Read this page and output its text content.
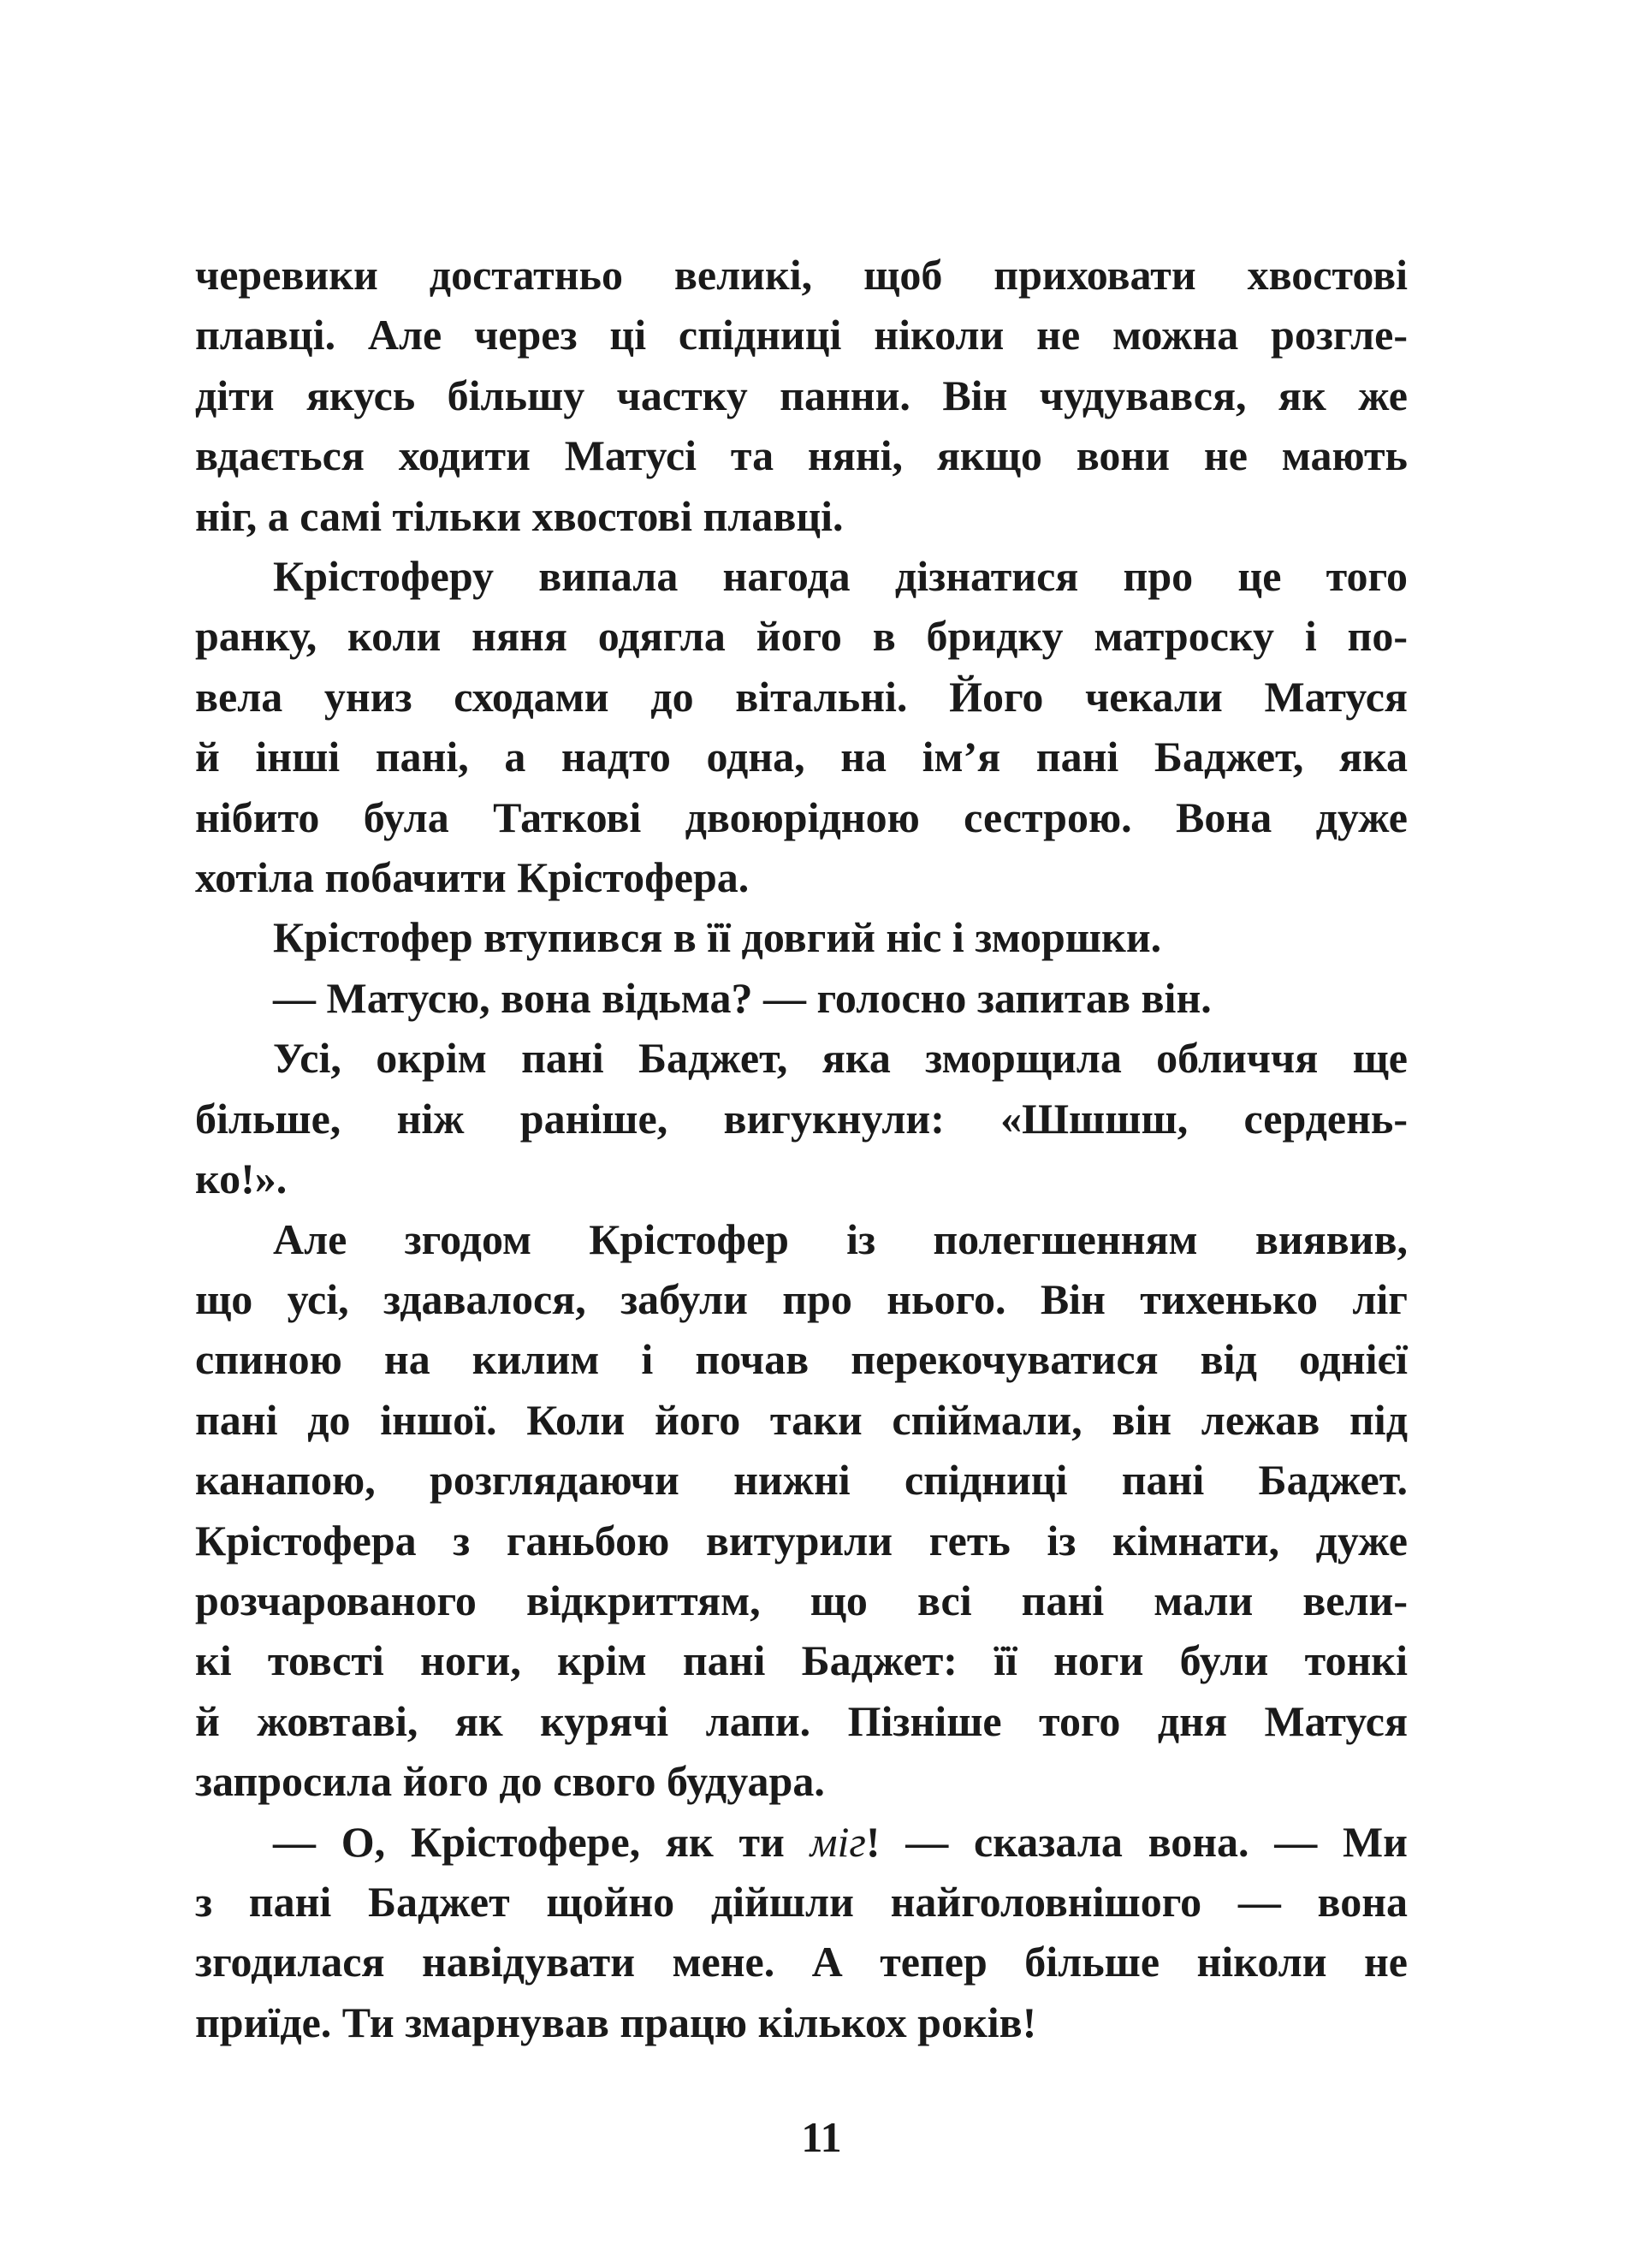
черевики достатньо великі, щоб приховати хвостові
плавці. Але через ці спідниці ніколи не можна розгле-
діти якусь більшу частку панни. Він чудувався, як же
вдається ходити Матусі та няні, якщо вони не мають
ніг, а самі тільки хвостові плавці.
Крістоферу випала нагода дізнатися про це того
ранку, коли няня одягла його в бридку матроску і по-
вела униз сходами до вітальні. Його чекали Матуся
й інші пані, а надто одна, на ім’я пані Баджет, яка
нібито була Таткові двоюрідною сестрою. Вона дуже
хотіла побачити Крістофера.
Крістофер втупився в її довгий ніс і зморшки.
— Матусю, вона відьма? — голосно запитав він.
Усі, окрім пані Баджет, яка зморщила обличчя ще
більше, ніж раніше, вигукнули: «Шшшш, сердень-
ко!».
Але згодом Крістофер із полегшенням виявив,
що усі, здавалося, забули про нього. Він тихенько ліг
спиною на килим і почав перекочуватися від однієї
пані до іншої. Коли його таки спіймали, він лежав під
канапою, розглядаючи нижні спідниці пані Баджет.
Крістофера з ганьбою витурили геть із кімнати, дуже
розчарованого відкриттям, що всі пані мали вели-
кі товсті ноги, крім пані Баджет: її ноги були тонкі
й жовтаві, як курячі лапи. Пізніше того дня Матуся
запросила його до свого будуара.
— О, Крістофере, як ти міг! — сказала вона. — Ми
з пані Баджет щойно дійшли найголовнішого — вона
згодилася навідувати мене. А тепер більше ніколи не
приїде. Ти змарнував працю кількох років!
11
